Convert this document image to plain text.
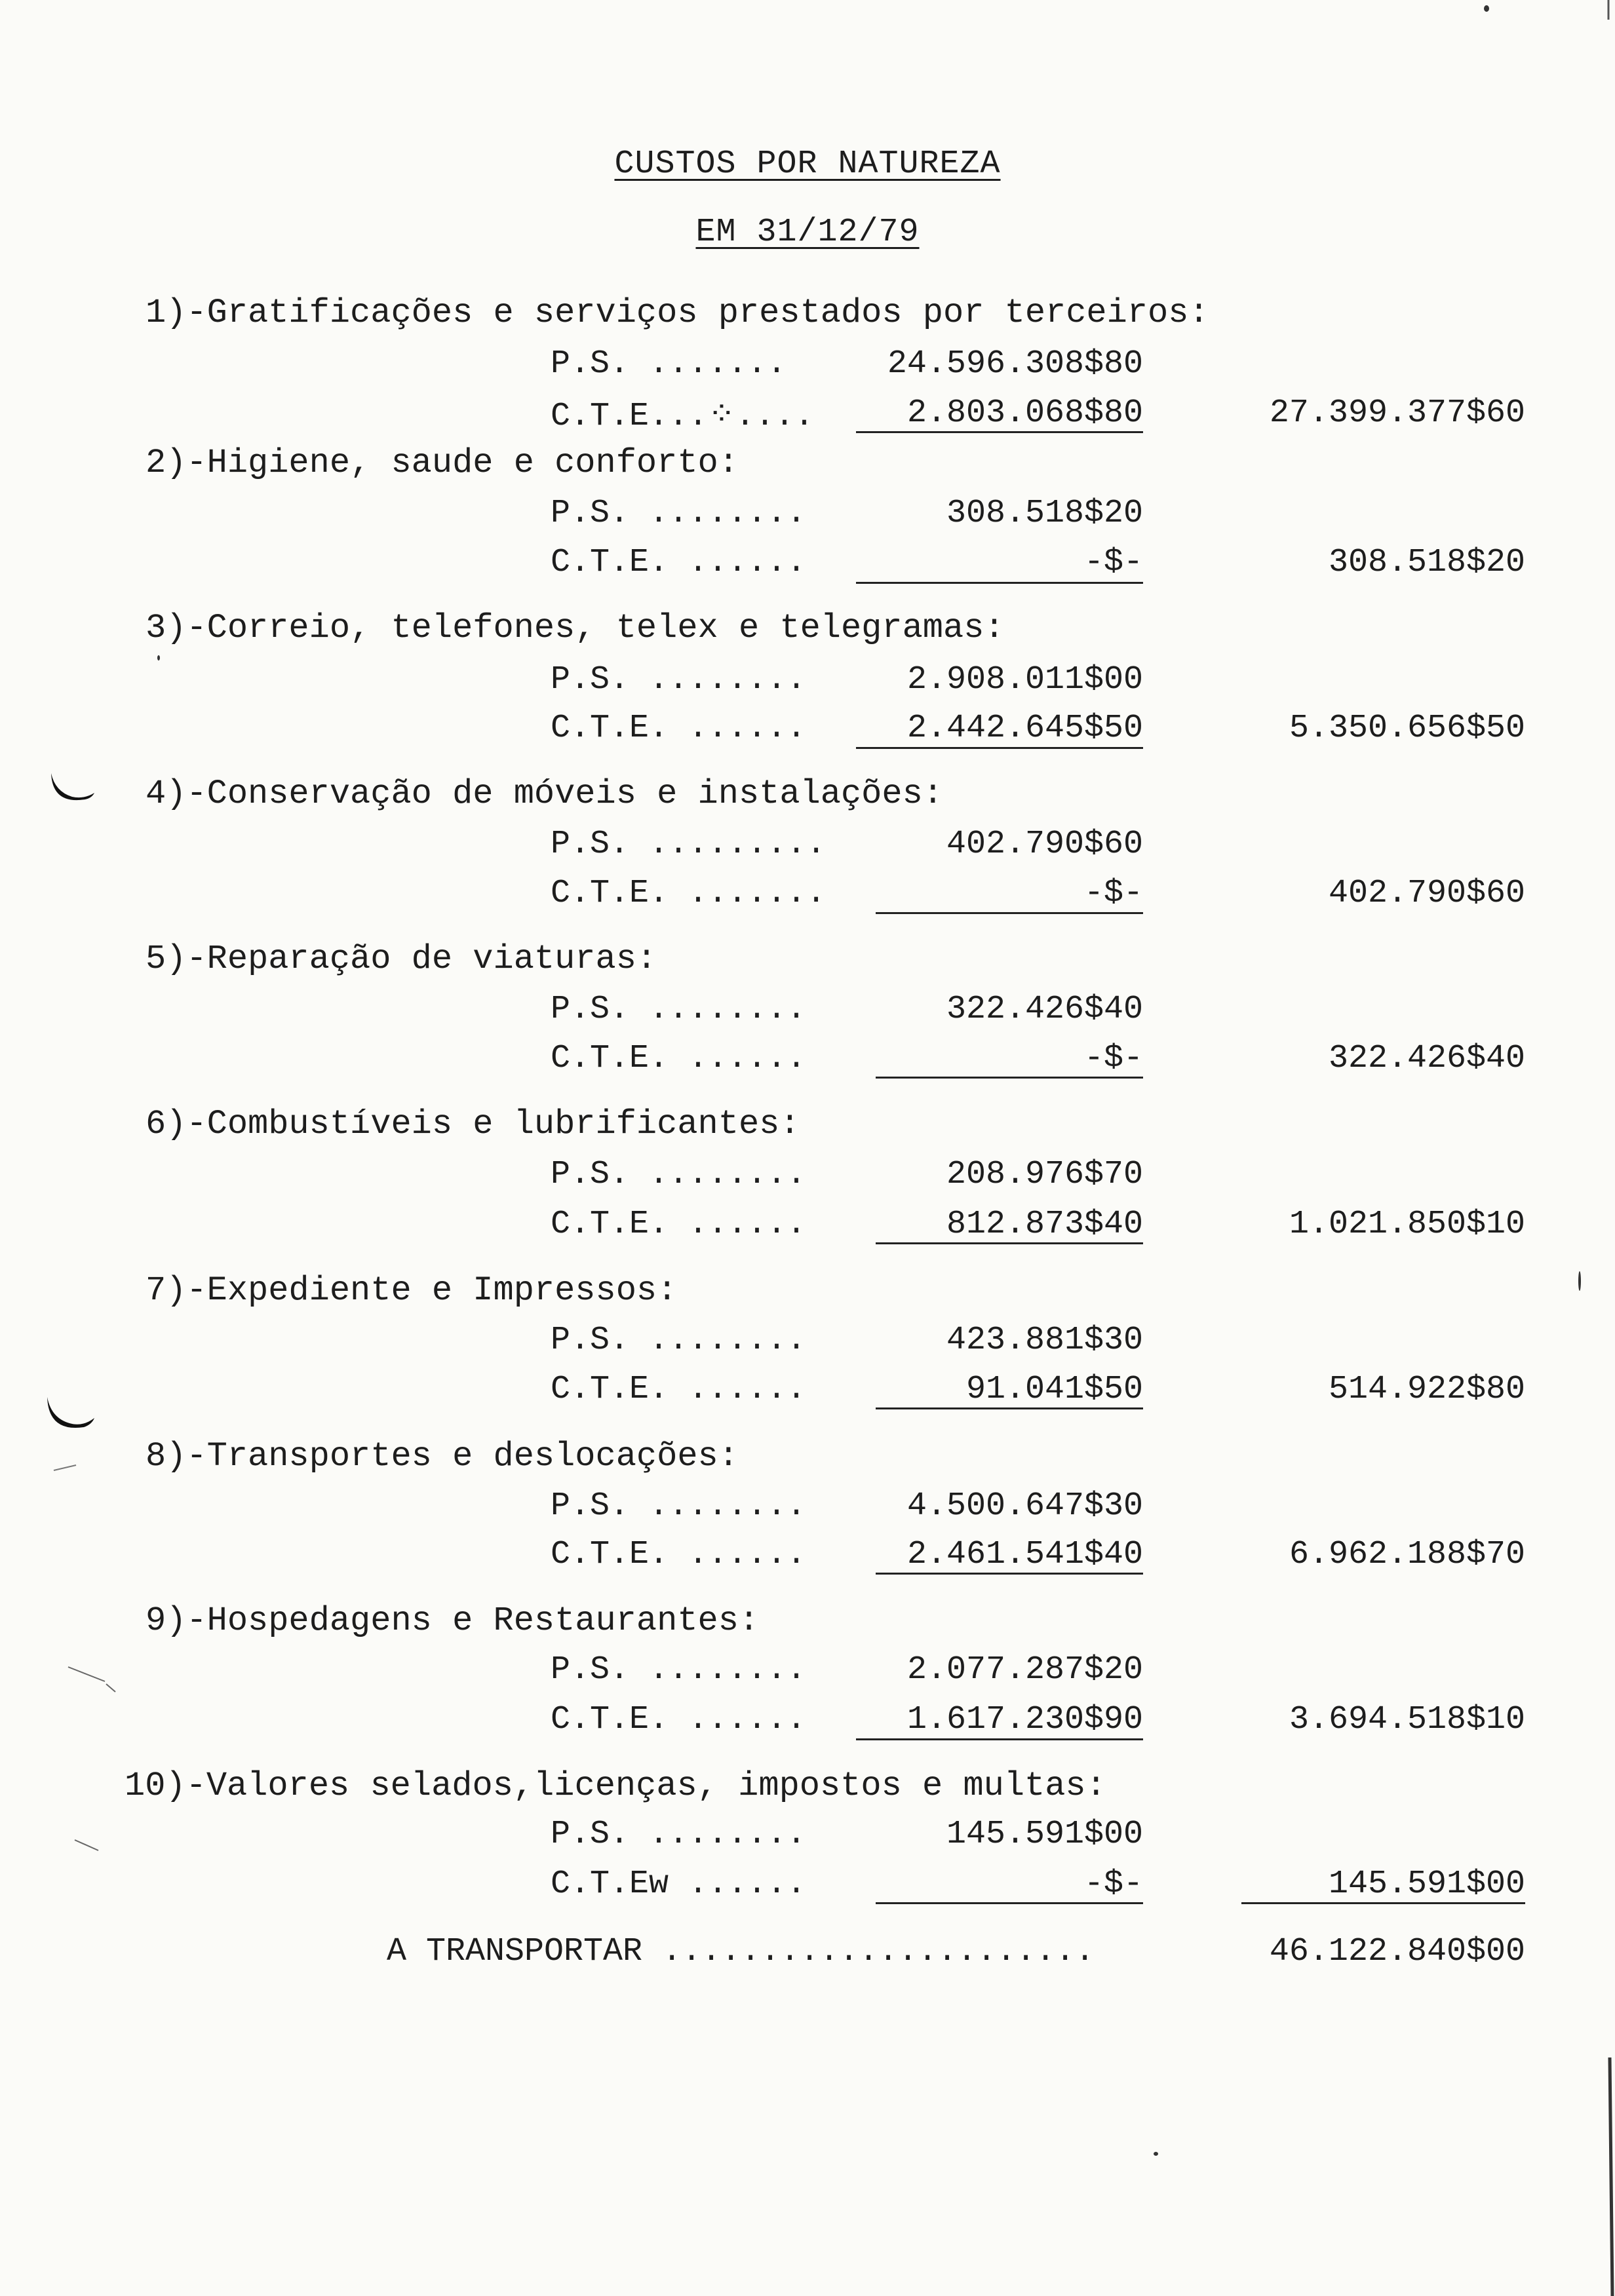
CUSTOS POR NATUREZA
EM 31/12/79
1)-Gratificações e serviços prestados por terceiros:
P.S. .......	24.596.308$80
C.T.E...⁘....	2.803.068$80	27.399.377$60
2)-Higiene, saude e conforto:
P.S. ........	308.518$20
C.T.E. ......	-$-	308.518$20
3)-Correio, telefones, telex e telegramas:
P.S. ........	2.908.011$00
C.T.E. ......	2.442.645$50	5.350.656$50
4)-Conservação de móveis e instalações:
P.S. .........	402.790$60
C.T.E. .......	-$-	402.790$60
5)-Reparação de viaturas:
P.S. ........	322.426$40
C.T.E. ......	-$-	322.426$40
6)-Combustíveis e lubrificantes:
P.S. ........	208.976$70
C.T.E. ......	812.873$40	1.021.850$10
7)-Expediente e Impressos:
P.S. ........	423.881$30
C.T.E. ......	91.041$50	514.922$80
8)-Transportes e deslocações:
P.S. ........	4.500.647$30
C.T.E. ......	2.461.541$40	6.962.188$70
9)-Hospedagens e Restaurantes:
P.S. ........	2.077.287$20
C.T.E. ......	1.617.230$90	3.694.518$10
10)-Valores selados,licenças, impostos e multas:
P.S. ........	145.591$00
C.T.Ew ......	-$-	145.591$00
A TRANSPORTAR ......................	46.122.840$00
